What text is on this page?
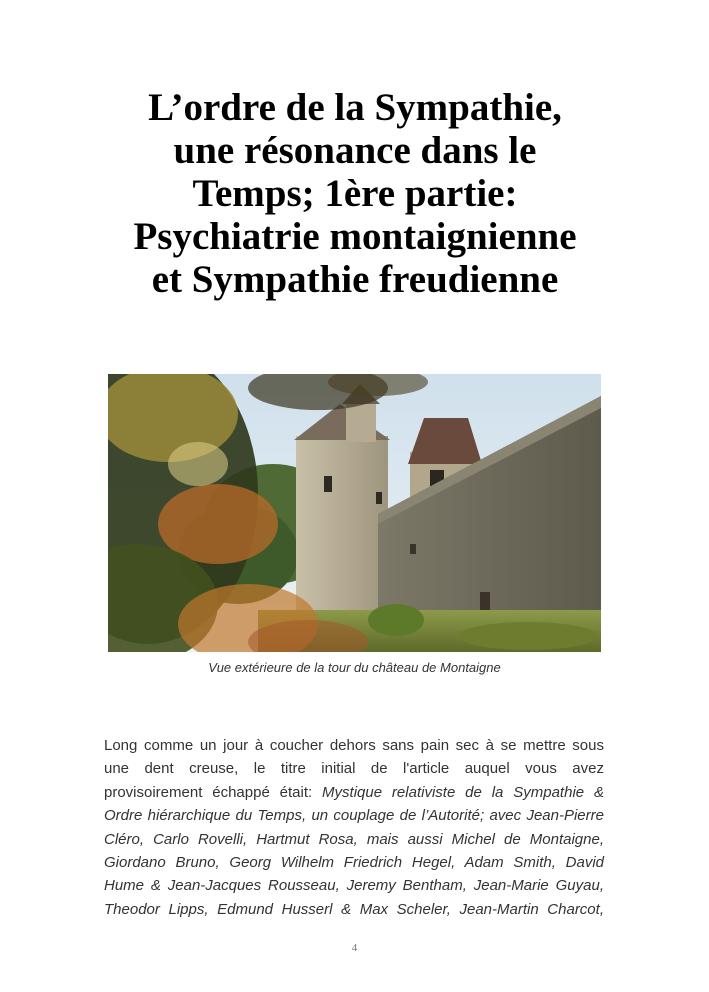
L’ordre de la Sympathie,
une résonance dans le
Temps; 1ère partie:
Psychiatrie montaignienne
et Sympathie freudienne
Vue extérieure de la tour du château de Montaigne

Long comme un jour à coucher dehors sans pain sec à se mettre sous
une dent creuse, le titre initial de l'article auquel vous avez
provisoirement échappé était: Mystique relativiste de la Sympathie &
Ordre hiérarchique du Temps, un couplage de l’Autorité; avec Jean-Pierre
Cléro, Carlo Rovelli, Hartmut Rosa, mais aussi Michel de Montaigne,
Giordano Bruno, Georg Wilhelm Friedrich Hegel, Adam Smith, David
Hume & Jean-Jacques Rousseau, Jeremy Bentham, Jean-Marie Guyau,
Theodor Lipps, Edmund Husserl & Max Scheler, Jean-Martin Charcot,

4
